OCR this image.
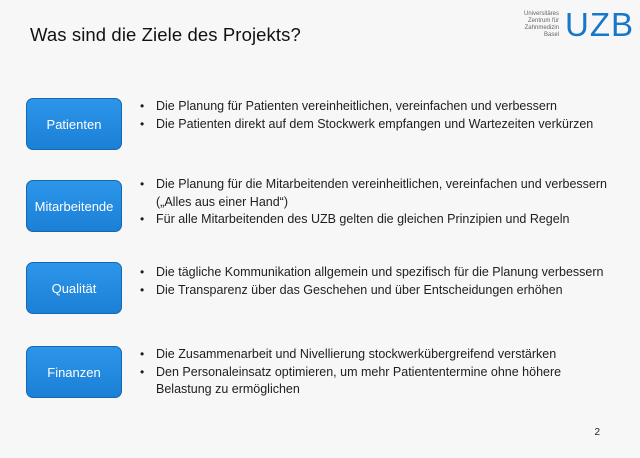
Was sind die Ziele des Projekts?
Universitäres
Zentrum für
Zahnmedizin
Basel UZB
Patienten
• Die Planung für Patienten vereinheitlichen, vereinfachen und verbessern
• Die Patienten direkt auf dem Stockwerk empfangen und Wartezeiten verkürzen
Mitarbeitende
• Die Planung für die Mitarbeitenden vereinheitlichen, vereinfachen und verbessern („Alles aus einer Hand“)
• Für alle Mitarbeitenden des UZB gelten die gleichen Prinzipien und Regeln
Qualität
• Die tägliche Kommunikation allgemein und spezifisch für die Planung verbessern
• Die Transparenz über das Geschehen und über Entscheidungen erhöhen
Finanzen
• Die Zusammenarbeit und Nivellierung stockwerkübergreifend verstärken
• Den Personaleinsatz optimieren, um mehr Patiententermine ohne höhere Belastung zu ermöglichen
2
